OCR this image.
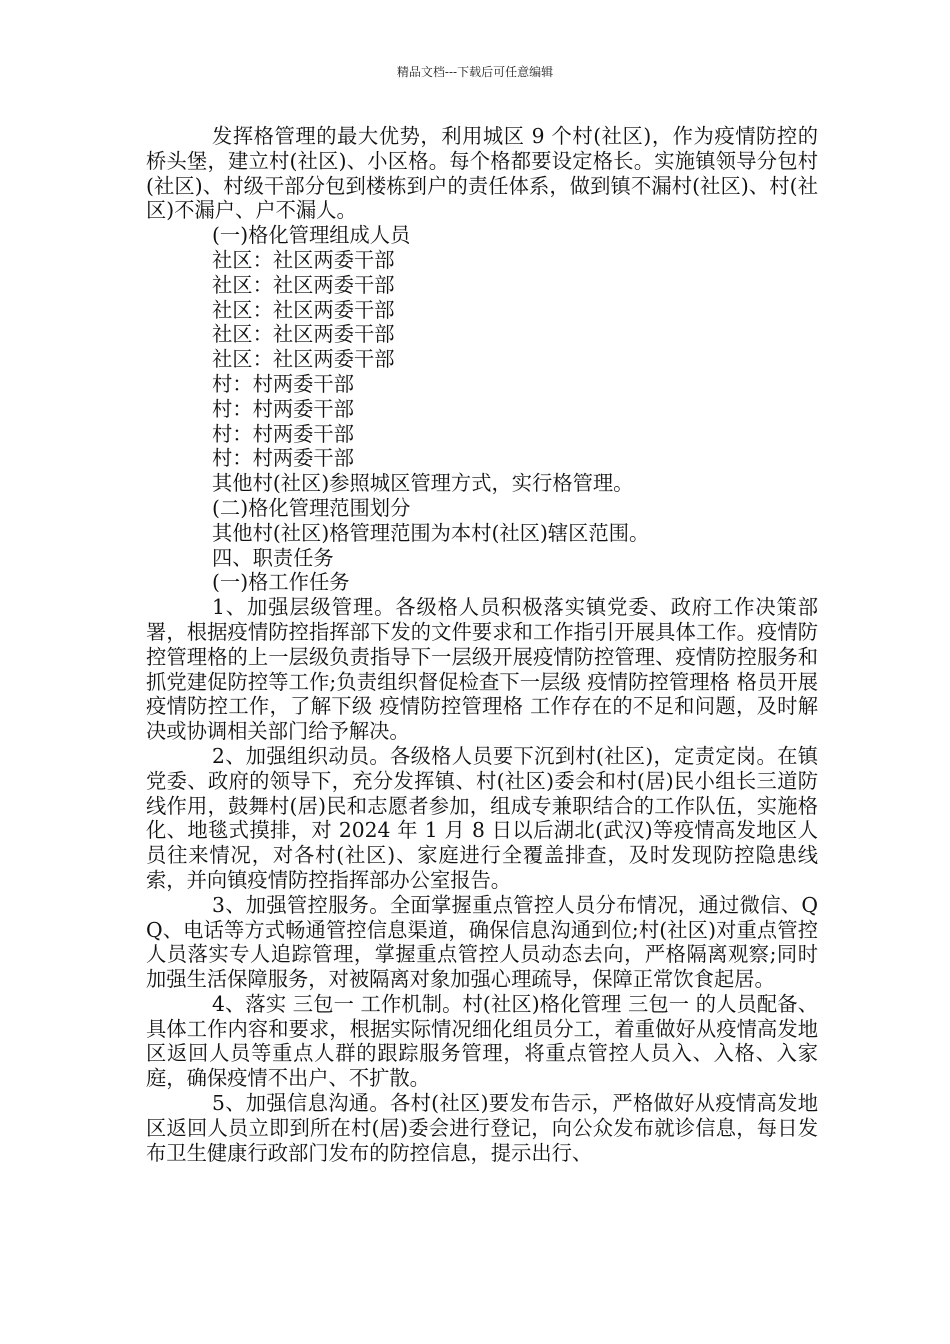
精品文档---下载后可任意编辑

发挥格管理的最大优势，利用城区 9 个村(社区)，作为疫情防控的桥头堡，建立村(社区)、小区格。每个格都要设定格长。实施镇领导分包村(社区)、村级干部分包到楼栋到户的责任体系，做到镇不漏村(社区)、村(社区)不漏户、户不漏人。

(一)格化管理组成人员

社区：社区两委干部

社区：社区两委干部

社区：社区两委干部

社区：社区两委干部

社区：社区两委干部

村：村两委干部

村：村两委干部

村：村两委干部

村：村两委干部

其他村(社区)参照城区管理方式，实行格管理。

(二)格化管理范围划分

其他村(社区)格管理范围为本村(社区)辖区范围。

四、职责任务

(一)格工作任务

1、加强层级管理。各级格人员积极落实镇党委、政府工作决策部署，根据疫情防控指挥部下发的文件要求和工作指引开展具体工作。疫情防控管理格的上一层级负责指导下一层级开展疫情防控管理、疫情防控服务和抓党建促防控等工作;负责组织督促检查下一层级 疫情防控管理格 格员开展疫情防控工作，了解下级 疫情防控管理格 工作存在的不足和问题，及时解决或协调相关部门给予解决。

2、加强组织动员。各级格人员要下沉到村(社区)，定责定岗。在镇党委、政府的领导下，充分发挥镇、村(社区)委会和村(居)民小组长三道防线作用，鼓舞村(居)民和志愿者参加，组成专兼职结合的工作队伍，实施格化、地毯式摸排，对 2024 年 1 月 8 日以后湖北(武汉)等疫情高发地区人员往来情况，对各村(社区)、家庭进行全覆盖排查，及时发现防控隐患线索，并向镇疫情防控指挥部办公室报告。

3、加强管控服务。全面掌握重点管控人员分布情况，通过微信、QQ、电话等方式畅通管控信息渠道，确保信息沟通到位;村(社区)对重点管控人员落实专人追踪管理，掌握重点管控人员动态去向，严格隔离观察;同时加强生活保障服务，对被隔离对象加强心理疏导，保障正常饮食起居。

4、落实 三包一 工作机制。村(社区)格化管理 三包一 的人员配备、具体工作内容和要求，根据实际情况细化组员分工，着重做好从疫情高发地区返回人员等重点人群的跟踪服务管理，将重点管控人员入、入格、入家庭，确保疫情不出户、不扩散。

5、加强信息沟通。各村(社区)要发布告示，严格做好从疫情高发地区返回人员立即到所在村(居)委会进行登记，向公众发布就诊信息，每日发布卫生健康行政部门发布的防控信息，提示出行、
